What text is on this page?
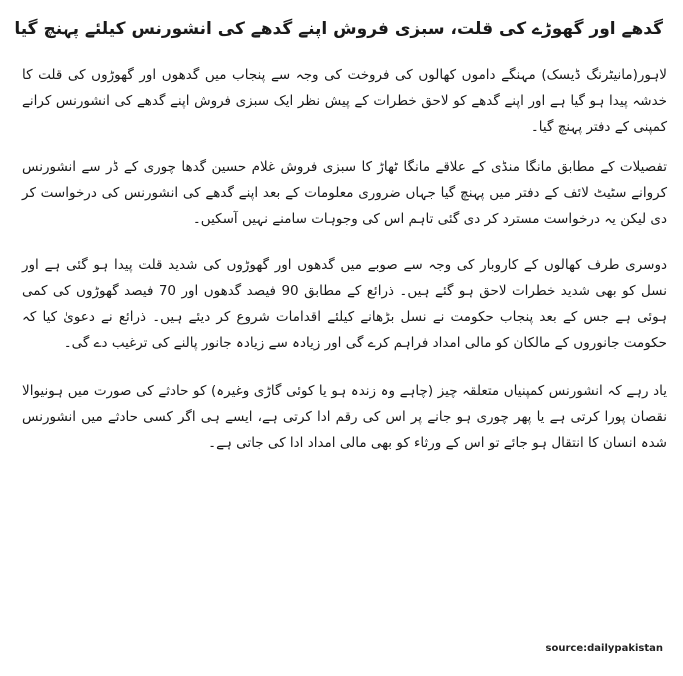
گدھے اور گھوڑے کی قلت، سبزی فروش اپنے گدھے کی انشورنس کیلئے پہنچ گیا

لاہور(مانیٹرنگ ڈیسک) مہنگے داموں کھالوں کی فروخت کی وجہ سے پنجاب میں گدھوں اور گھوڑوں کی قلت کا خدشہ پیدا ہو گیا ہے اور اپنے گدھے کو لاحق خطرات کے پیش نظر ایک سبزی فروش اپنے گدھے کی انشورنس کرانے کمپنی کے دفتر پہنچ گیا۔

تفصیلات کے مطابق مانگا منڈی کے علاقے مانگا ٹھاڑ کا سبزی فروش غلام حسین گدھا چوری کے ڈر سے انشورنس کروانے سٹیٹ لائف کے دفتر میں پہنچ گیا جہاں ضروری معلومات کے بعد اپنے گدھے کی انشورنس کی درخواست کر دی لیکن یہ درخواست مسترد کر دی گئی تاہم اس کی وجوہات سامنے نہیں آسکیں۔

دوسری طرف کھالوں کے کاروبار کی وجہ سے صوبے میں گدھوں اور گھوڑوں کی شدید قلت پیدا ہو گئی ہے اور نسل کو بھی شدید خطرات لاحق ہو گئے ہیں۔ ذرائع کے مطابق 90 فیصد گدھوں اور 70 فیصد گھوڑوں کی کمی ہوئی ہے جس کے بعد پنجاب حکومت نے نسل بڑھانے کیلئے اقدامات شروع کر دیئے ہیں۔ ذرائع نے دعویٰ کیا کہ حکومت جانوروں کے مالکان کو مالی امداد فراہم کرے گی اور زیادہ سے زیادہ جانور پالنے کی ترغیب دے گی۔

یاد رہے کہ انشورنس کمپنیاں متعلقہ چیز (چاہے وہ زندہ ہو یا کوئی گاڑی وغیرہ) کو حادثے کی صورت میں ہونیوالا نقصان پورا کرتی ہے یا پھر چوری ہو جانے پر اس کی رقم ادا کرتی ہے، ایسے ہی اگر کسی حادثے میں انشورنس شدہ انسان کا انتقال ہو جائے تو اس کے ورثاء کو بھی مالی امداد ادا کی جاتی ہے۔

source:dailypakistan
